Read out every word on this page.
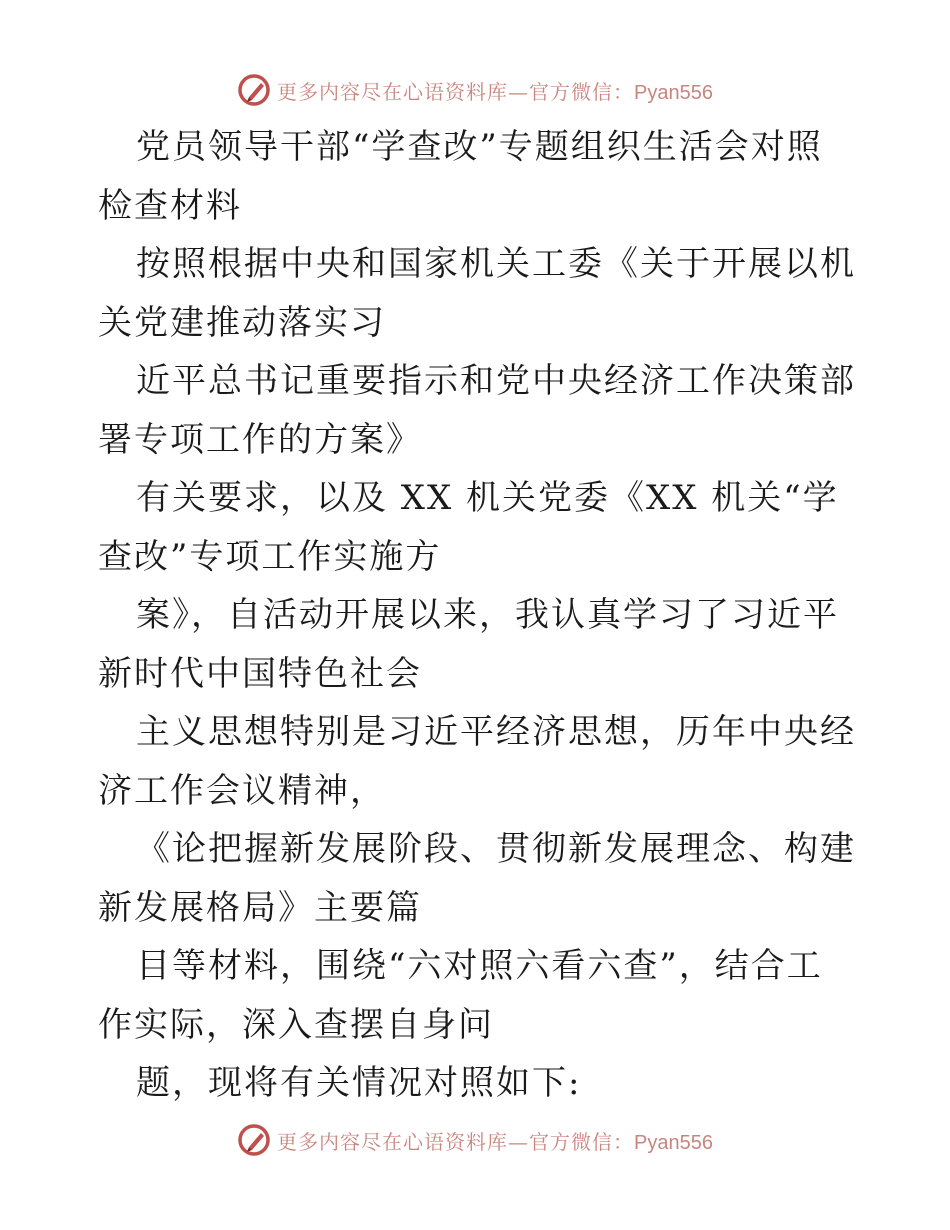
更多内容尽在心语资料库—官方微信：Pyan556

党员领导干部“学查改”专题组织生活会对照检查材料

按照根据中央和国家机关工委《关于开展以机关党建推动落实习

近平总书记重要指示和党中央经济工作决策部署专项工作的方案》

有关要求，以及 XX 机关党委《XX 机关“学查改”专项工作实施方

案》，自活动开展以来，我认真学习了习近平新时代中国特色社会

主义思想特别是习近平经济思想，历年中央经济工作会议精神，

《论把握新发展阶段、贯彻新发展理念、构建新发展格局》主要篇

目等材料，围绕“六对照六看六查”，结合工作实际，深入查摆自身问

题，现将有关情况对照如下:

更多内容尽在心语资料库—官方微信：Pyan556
